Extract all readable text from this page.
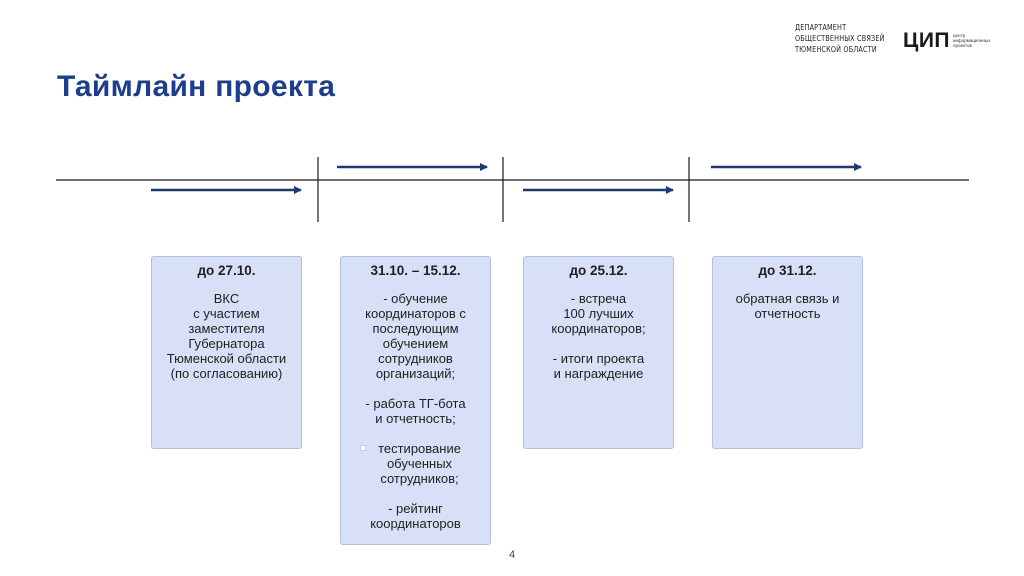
Таймлайн проекта
ДЕПАРТАМЕНТ
ОБЩЕСТВЕННЫХ СВЯЗЕЙ
ТЮМЕНСКОЙ ОБЛАСТИ	ЦИП центр
информационных
проектов
до 27.10.
ВКС
с участием
заместителя
Губернатора
Тюменской области
(по согласованию)
31.10. – 15.12.
- обучение
координаторов с
последующим
обучением
сотрудников
организаций;
- работа ТГ-бота
и отчетность;
тестирование
обученных
сотрудников;
- рейтинг
координаторов
до 25.12.
- встреча
100 лучших
координаторов;
- итоги проекта
и награждение
до 31.12.
обратная связь и
отчетность
4
